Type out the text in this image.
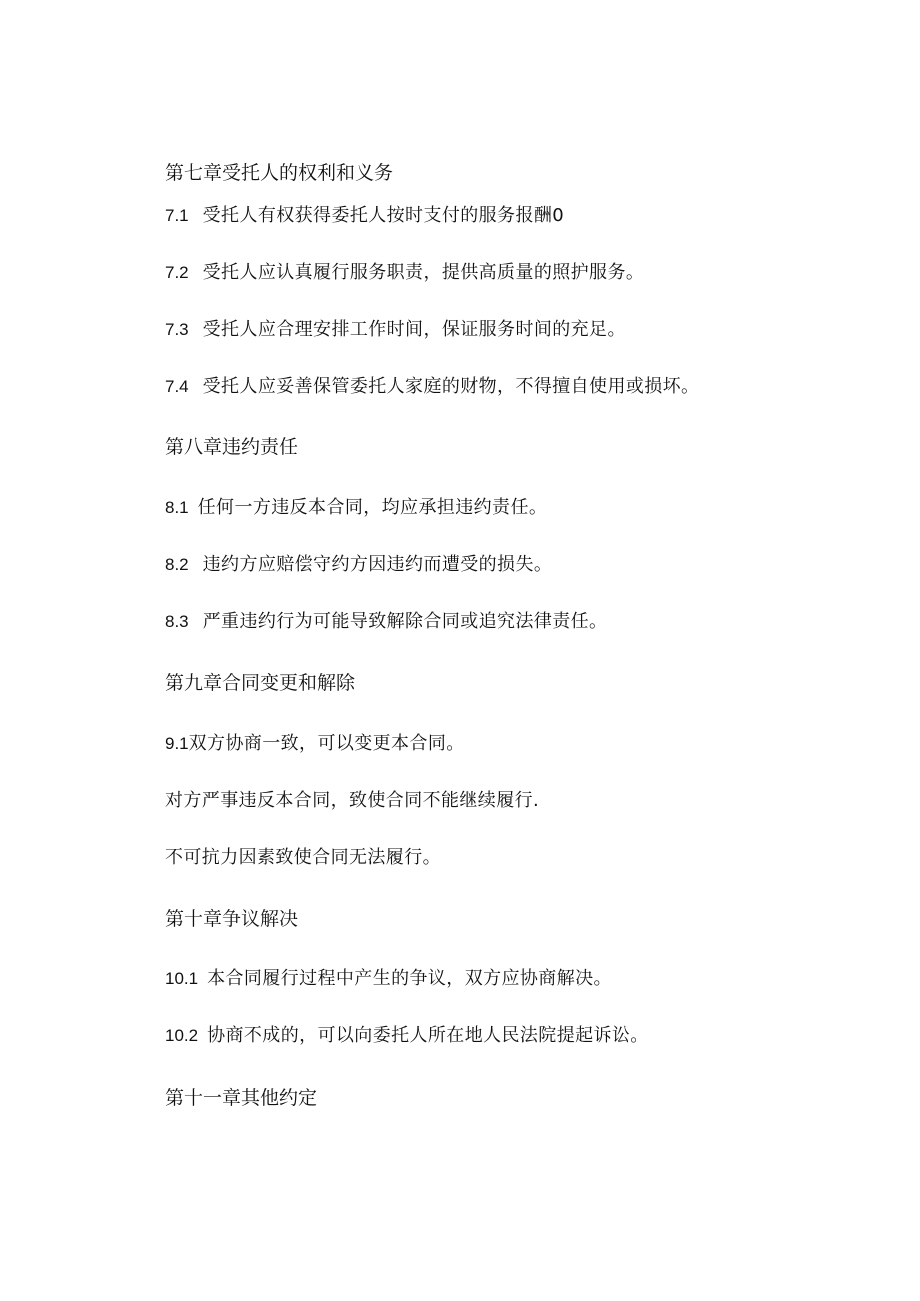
第七章受托人的权利和义务

7.1 受托人有权获得委托人按时支付的服务报酬0

7.2 受托人应认真履行服务职责，提供高质量的照护服务。

7.3 受托人应合理安排工作时间，保证服务时间的充足。

7.4 受托人应妥善保管委托人家庭的财物，不得擅自使用或损坏。

第八章违约责任

8.1 任何一方违反本合同，均应承担违约责任。

8.2 违约方应赔偿守约方因违约而遭受的损失。

8.3 严重违约行为可能导致解除合同或追究法律责任。

第九章合同变更和解除

9.1双方协商一致，可以变更本合同。

对方严事违反本合同，致使合同不能继续履行.

不可抗力因素致使合同无法履行。

第十章争议解决

10.1 本合同履行过程中产生的争议，双方应协商解决。

10.2 协商不成的，可以向委托人所在地人民法院提起诉讼。

第十一章其他约定
